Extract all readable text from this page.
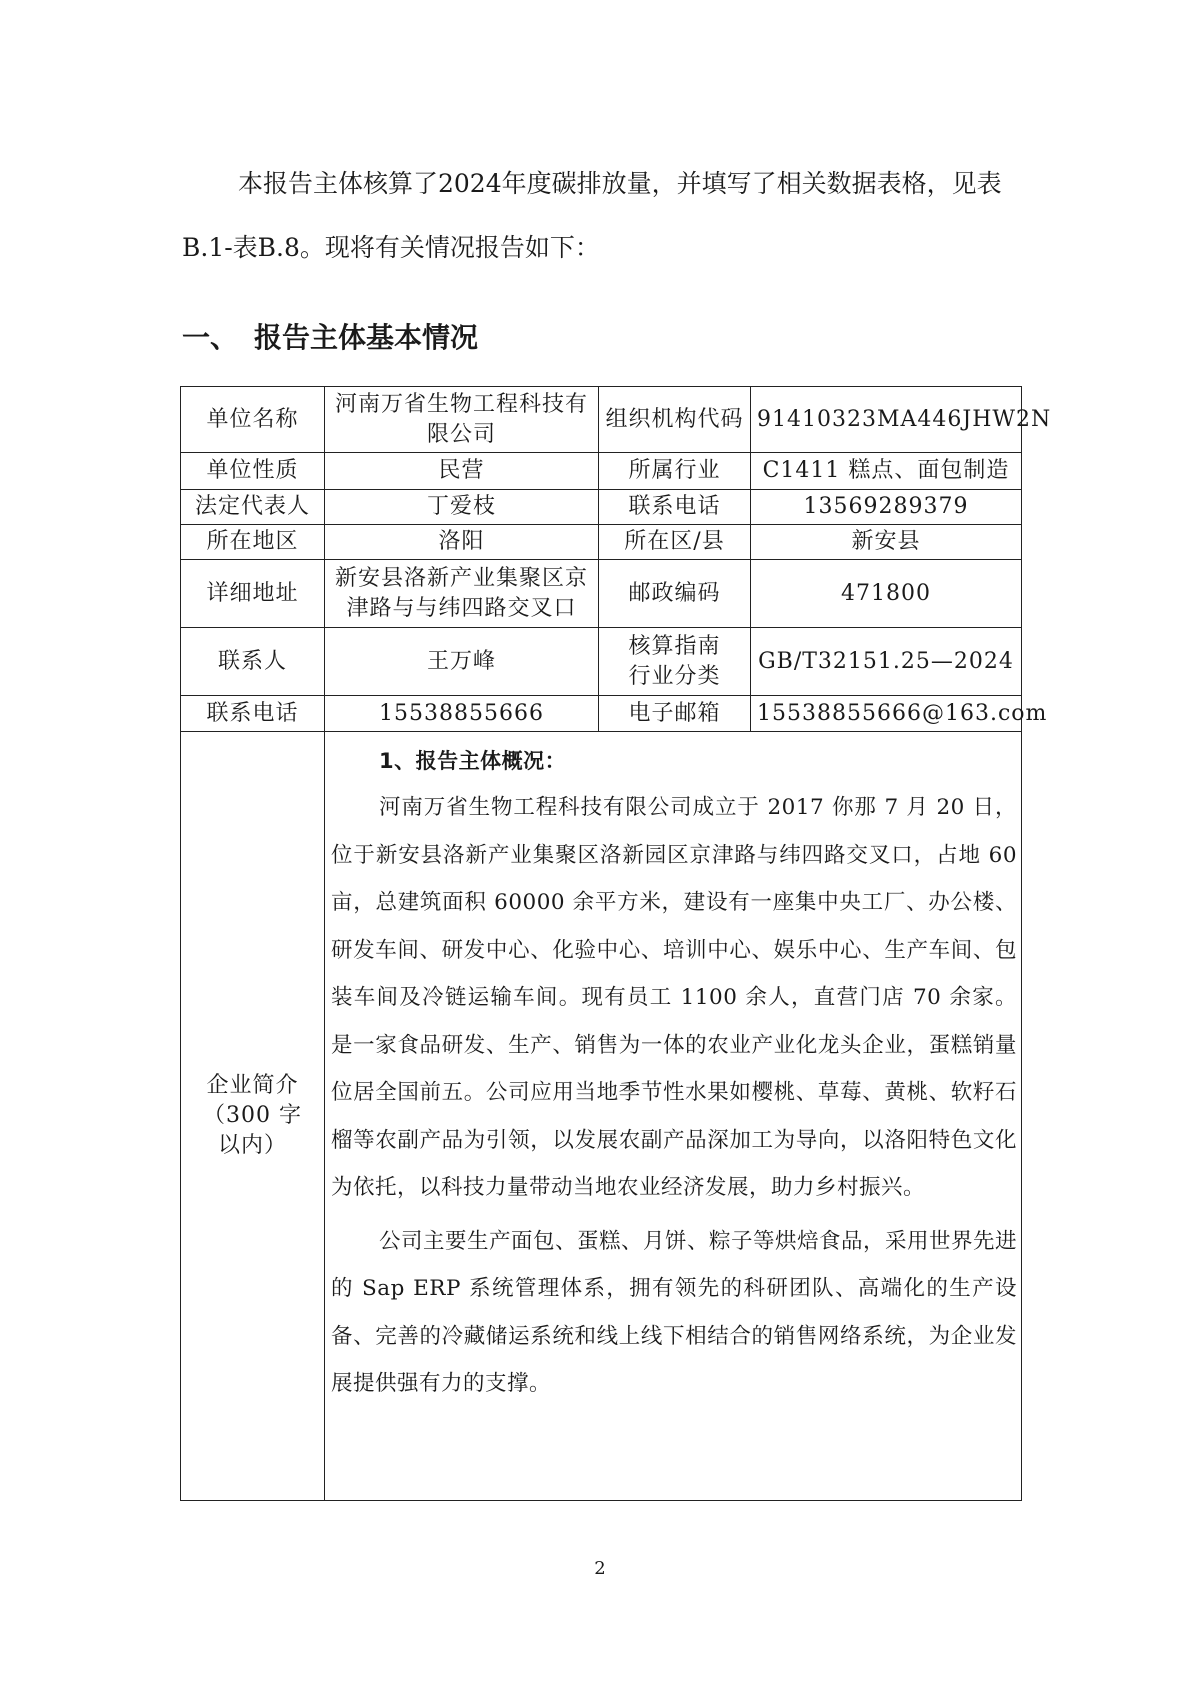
本报告主体核算了2024年度碳排放量，并填写了相关数据表格，见表B.1-表B.8。现将有关情况报告如下：

一、 报告主体基本情况
单位名称	河南万省生物工程科技有限公司	组织机构代码	91410323MA446JHW2N
单位性质	民营	所属行业	C1411 糕点、面包制造
法定代表人	丁爱枝	联系电话	13569289379
所在地区	洛阳	所在区/县	新安县
详细地址	新安县洛新产业集聚区京津路与与纬四路交叉口	邮政编码	471800
联系人	王万峰	核算指南行业分类	GB/T32151.25—2024
联系电话	15538855666	电子邮箱	15538855666@163.com
企业简介（300 字以内）	1、报告主体概况：

河南万省生物工程科技有限公司成立于 2017 你那 7 月 20 日，位于新安县洛新产业集聚区洛新园区京津路与纬四路交叉口，占地 60 亩，总建筑面积 60000 余平方米，建设有一座集中央工厂、办公楼、研发车间、研发中心、化验中心、培训中心、娱乐中心、生产车间、包装车间及冷链运输车间。现有员工 1100 余人，直营门店 70 余家。是一家食品研发、生产、销售为一体的农业产业化龙头企业，蛋糕销量位居全国前五。公司应用当地季节性水果如樱桃、草莓、黄桃、软籽石榴等农副产品为引领，以发展农副产品深加工为导向，以洛阳特色文化为依托，以科技力量带动当地农业经济发展，助力乡村振兴。

公司主要生产面包、蛋糕、月饼、粽子等烘焙食品，采用世界先进的 Sap ERP 系统管理体系，拥有领先的科研团队、高端化的生产设备、完善的冷藏储运系统和线上线下相结合的销售网络系统，为企业发展提供强有力的支撑。		

2
